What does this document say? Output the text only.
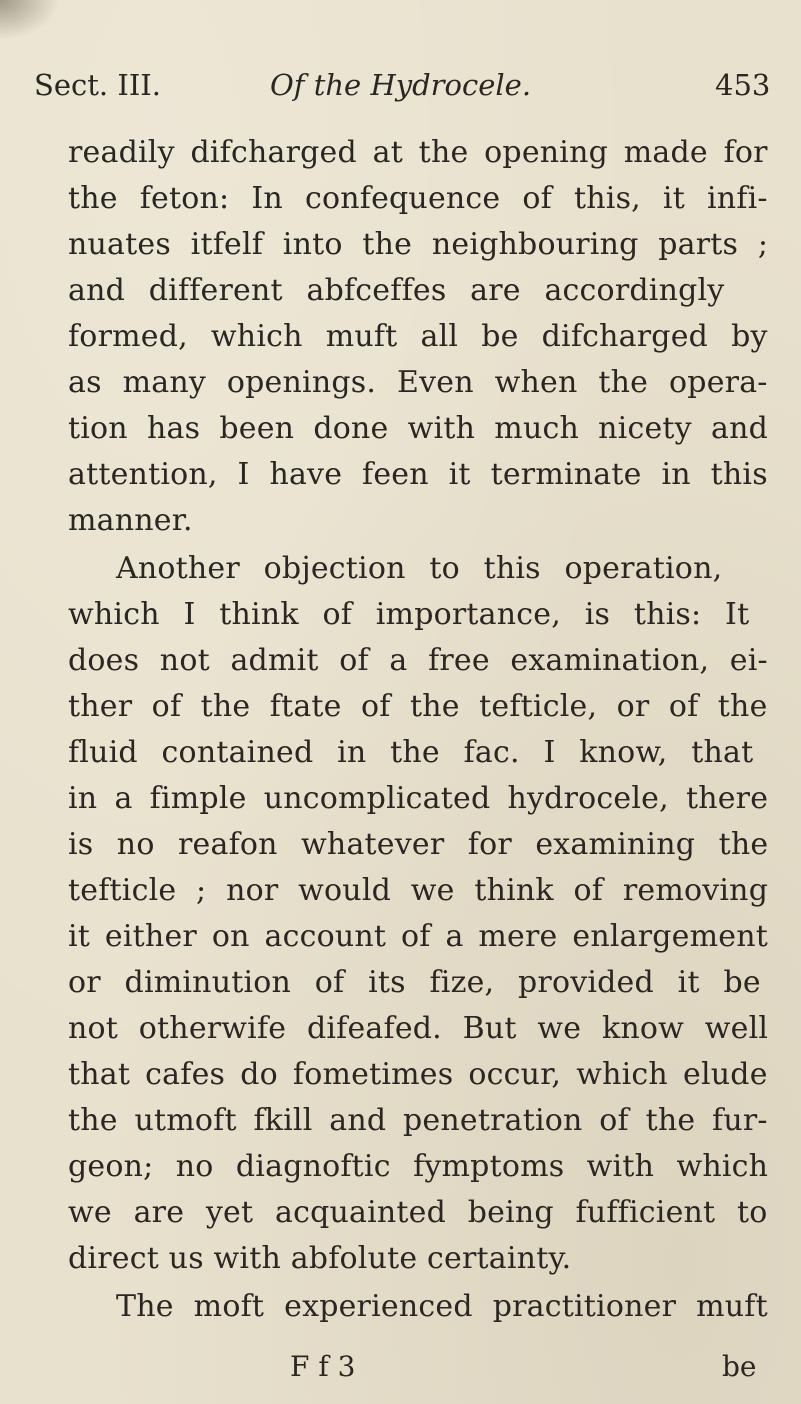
Sect. III.	Of the Hydrocele.	453
readily difcharged at the opening made for
the feton: In confequence of this, it infi-
nuates itfelf into the neighbouring parts ;
and different abfceffes are accordingly
formed, which muft all be difcharged by
as many openings. Even when the opera-
tion has been done with much nicety and
attention, I have feen it terminate in this
manner.
Another objection to this operation,
which I think of importance, is this: It
does not admit of a free examination, ei-
ther of the ftate of the tefticle, or of the
fluid contained in the fac. I know, that
in a fimple uncomplicated hydrocele, there
is no reafon whatever for examining the
tefticle ; nor would we think of removing
it either on account of a mere enlargement
or diminution of its fize, provided it be
not otherwife difeafed. But we know well
that cafes do fometimes occur, which elude
the utmoft fkill and penetration of the fur-
geon; no diagnoftic fymptoms with which
we are yet acquainted being fufficient to
direct us with abfolute certainty.
The moft experienced practitioner muft
F f 3	be
